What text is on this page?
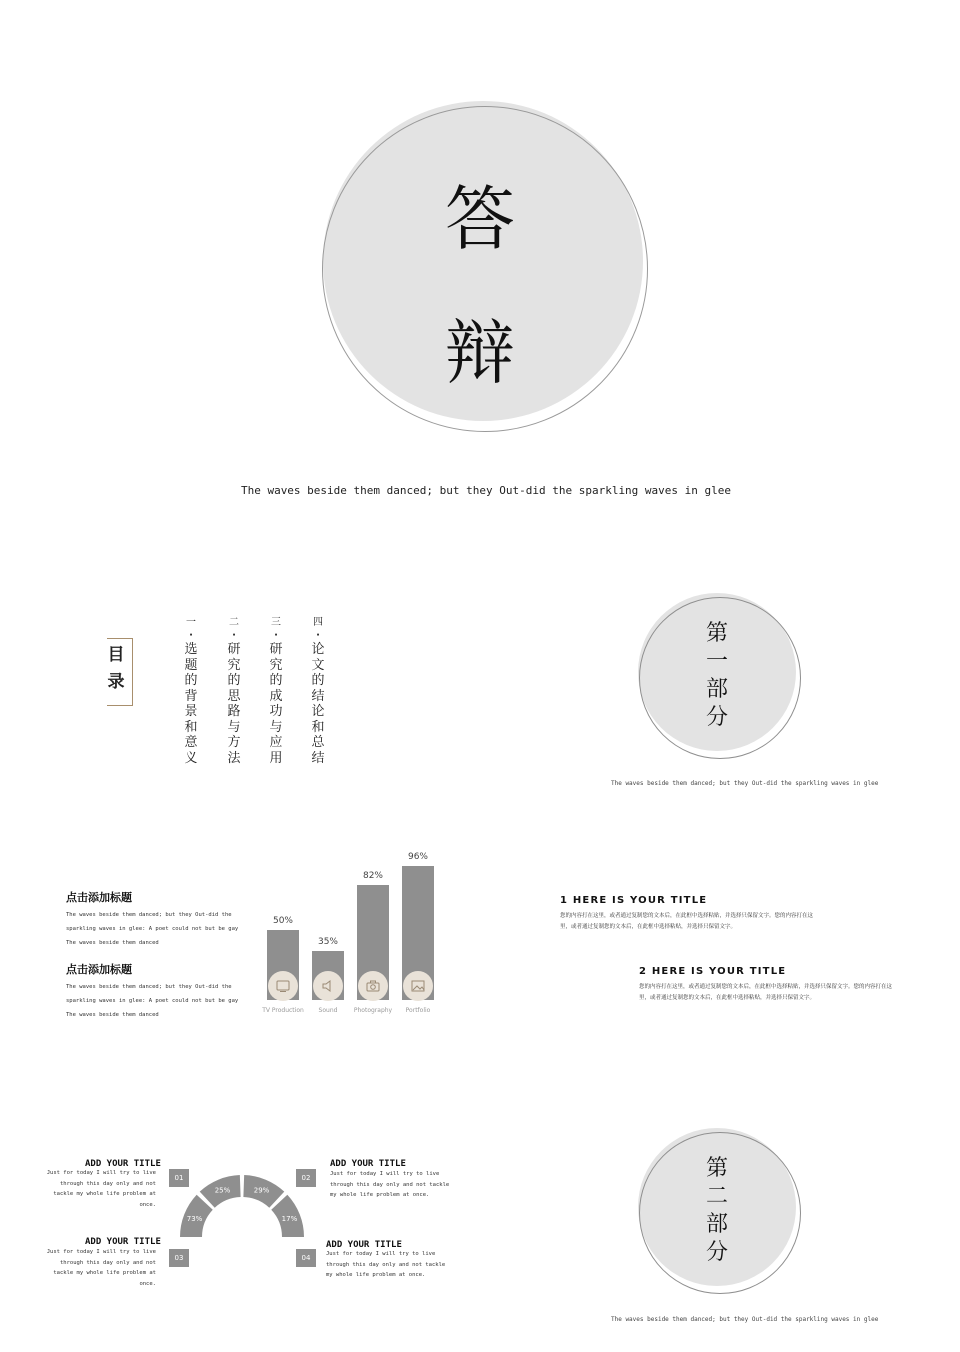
答
辩
The waves beside them danced; but they Out-did the sparkling waves in glee
目录
一
·
选题的背景和意义
二
·
研究的思路与方法
三
·
研究的成功与应用
四
·
论文的结论和总结
第一部分
The waves beside them danced; but they Out-did the sparkling waves in glee
点击添加标题
The waves beside them danced; but they Out-did the sparkling waves in glee: A poet could not but be gay The waves beside them danced
点击添加标题
The waves beside them danced; but they Out-did the sparkling waves in glee: A poet could not but be gay The waves beside them danced
50%
TV Production
35%
Sound
82%
Photography
96%
Portfolio
1 HERE IS YOUR TITLE
您的内容打在这里，或者通过复制您的文本后，在此框中选择粘贴，并选择只保留文字。您的内容打在这里，或者通过复制您的文本后，在此框中选择粘贴，并选择只保留文字。
2 HERE IS YOUR TITLE
您的内容打在这里，或者通过复制您的文本后，在此框中选择粘贴，并选择只保留文字。您的内容打在这里，或者通过复制您的文本后，在此框中选择粘贴，并选择只保留文字。
ADD YOUR TITLE
Just for today I will try to live through this day only and not tackle my whole life problem at once.
01
ADD YOUR TITLE
Just for today I will try to live through this day only and not tackle my whole life problem at once.
03
02
ADD YOUR TITLE
Just for today I will try to live through this day only and not tackle my whole life problem at once.
04
ADD YOUR TITLE
Just for today I will try to live through this day only and not tackle my whole life problem at once.
73%
25%	29%
17%
第二部分
The waves beside them danced; but they Out-did the sparkling waves in glee
